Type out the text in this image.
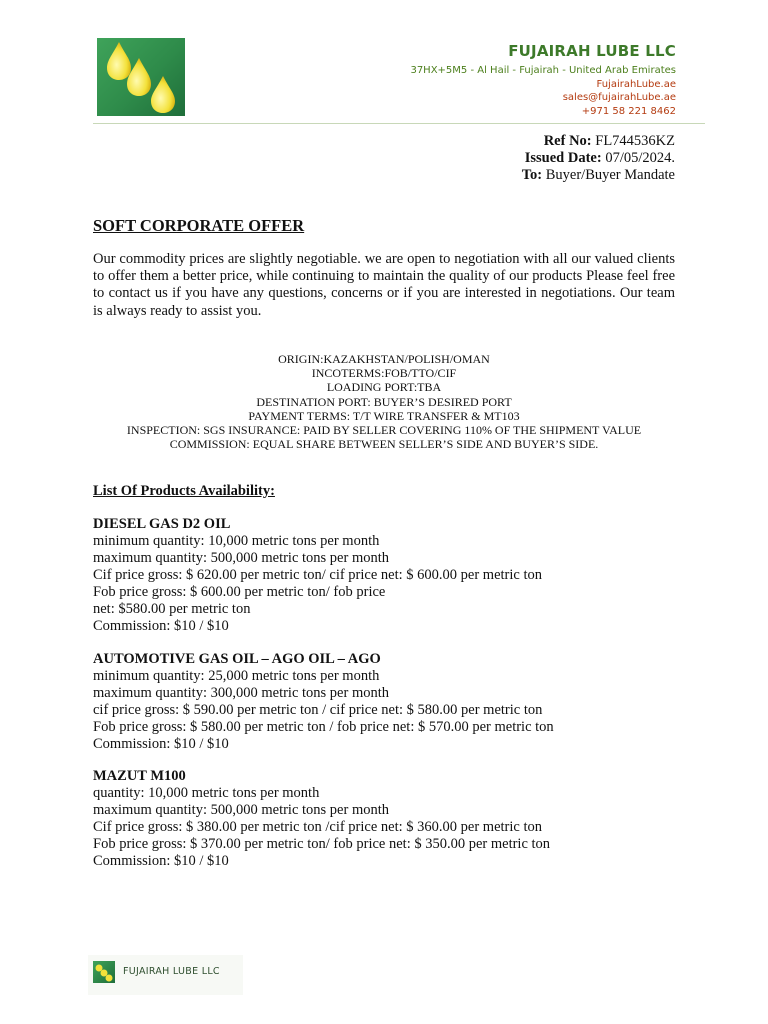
FUJAIRAH LUBE LLC
37HX+5M5 - Al Hail - Fujairah - United Arab Emirates
FujairahLube.ae
sales@fujairahLube.ae
+971 58 221 8462
Ref No: FL744536KZ
Issued Date: 07/05/2024.
To: Buyer/Buyer Mandate
SOFT CORPORATE OFFER
Our commodity prices are slightly negotiable. we are open to negotiation with all our valued clients to offer them a better price, while continuing to maintain the quality of our products Please feel free to contact us if you have any questions, concerns or if you are interested in negotiations. Our team is always ready to assist you.
ORIGIN:KAZAKHSTAN/POLISH/OMAN
INCOTERMS:FOB/TTO/CIF
LOADING PORT:TBA
DESTINATION PORT: BUYER’S DESIRED PORT
PAYMENT TERMS: T/T WIRE TRANSFER & MT103
INSPECTION: SGS INSURANCE: PAID BY SELLER COVERING 110% OF THE SHIPMENT VALUE
COMMISSION: EQUAL SHARE BETWEEN SELLER’S SIDE AND BUYER’S SIDE.
List Of Products Availability:
DIESEL GAS D2 OIL
minimum quantity: 10,000 metric tons per month
maximum quantity: 500,000 metric tons per month
Cif price gross: $ 620.00 per metric ton/ cif price net: $ 600.00 per metric ton
Fob price gross: $ 600.00 per metric ton/ fob price
net: $580.00 per metric ton
Commission: $10 / $10
AUTOMOTIVE GAS OIL – AGO OIL – AGO
minimum quantity: 25,000 metric tons per month
maximum quantity: 300,000 metric tons per month
cif price gross: $ 590.00 per metric ton / cif price net: $ 580.00 per metric ton
Fob price gross: $ 580.00 per metric ton / fob price net: $ 570.00 per metric ton
Commission: $10 / $10
MAZUT M100
quantity: 10,000 metric tons per month
maximum quantity: 500,000 metric tons per month
Cif price gross: $ 380.00 per metric ton /cif price net: $ 360.00 per metric ton
Fob price gross: $ 370.00 per metric ton/ fob price net: $ 350.00 per metric ton
Commission: $10 / $10
FUJAIRAH LUBE LLC
